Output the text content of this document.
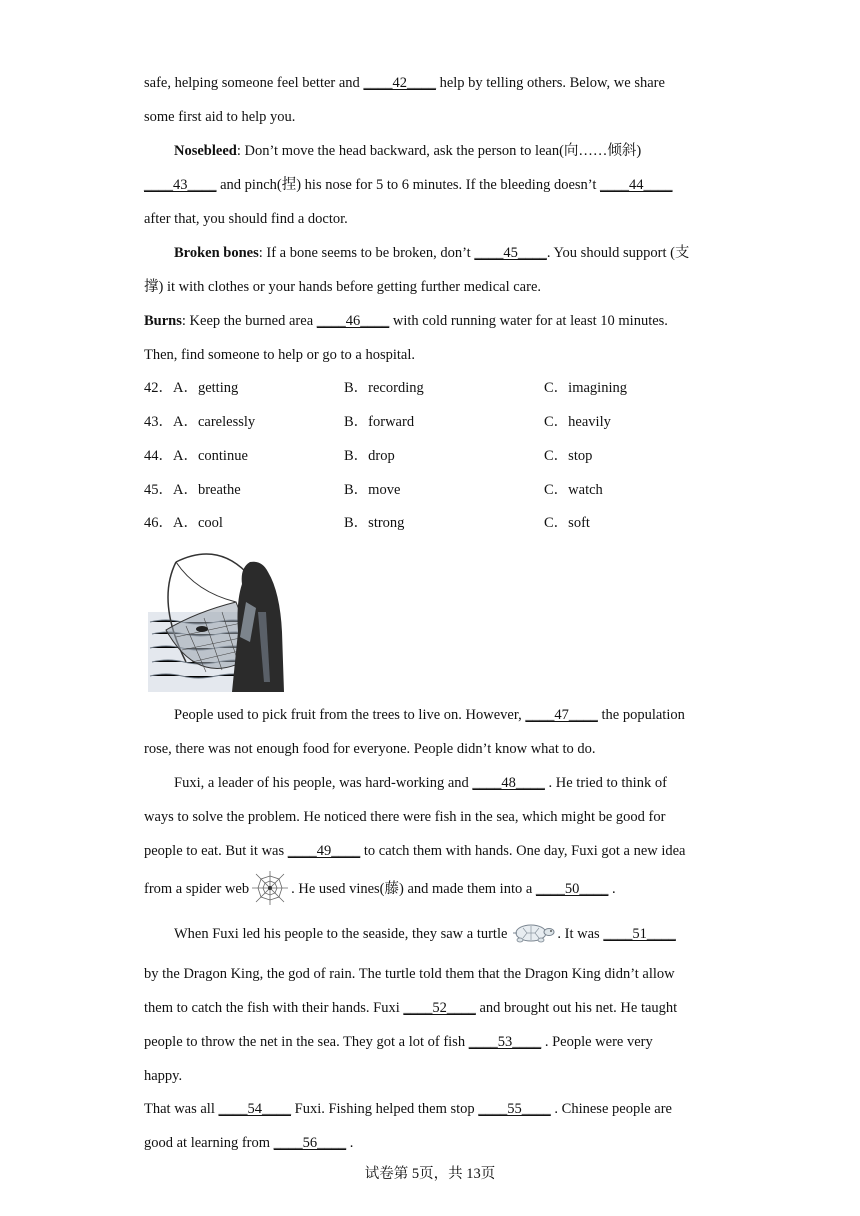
safe, helping someone feel better and ____42____ help by telling others. Below, we share
some first aid to help you.
Nosebleed: Don’t move the head backward, ask the person to lean(向……倾斜)
____43____ and pinch(捏) his nose for 5 to 6 minutes. If the bleeding doesn’t ____44____
after that, you should find a doctor.
Broken bones: If a bone seems to be broken, don’t ____45____. You should support (支
撑) it with clothes or your hands before getting further medical care.
Burns: Keep the burned area ____46____ with cold running water for at least 10 minutes.
Then, find someone to help or go to a hospital.
42．A．getting	B．recording	C．imagining
43．A．carelessly	B．forward	C．heavily
44．A．continue	B．drop	C．stop
45．A．breathe	B．move	C．watch
46．A．cool	B．strong	C．soft
People used to pick fruit from the trees to live on. However, ____47____ the population
rose, there was not enough food for everyone. People didn’t know what to do.
Fuxi, a leader of his people, was hard-working and ____48____ . He tried to think of
ways to solve the problem. He noticed there were fish in the sea, which might be good for
people to eat. But it was ____49____ to catch them with hands. One day, Fuxi got a new idea
from a spider web	. He used vines(藤) and made them into a ____50____ .
When Fuxi led his people to the seaside, they saw a turtle	. It was ____51____
by the Dragon King, the god of rain. The turtle told them that the Dragon King didn’t allow
them to catch the fish with their hands. Fuxi ____52____ and brought out his net. He taught
people to throw the net in the sea. They got a lot of fish ____53____ . People were very
happy.
That was all ____54____ Fuxi. Fishing helped them stop ____55____ . Chinese people are
good at learning from ____56____ .
试卷第 5页，共 13页
